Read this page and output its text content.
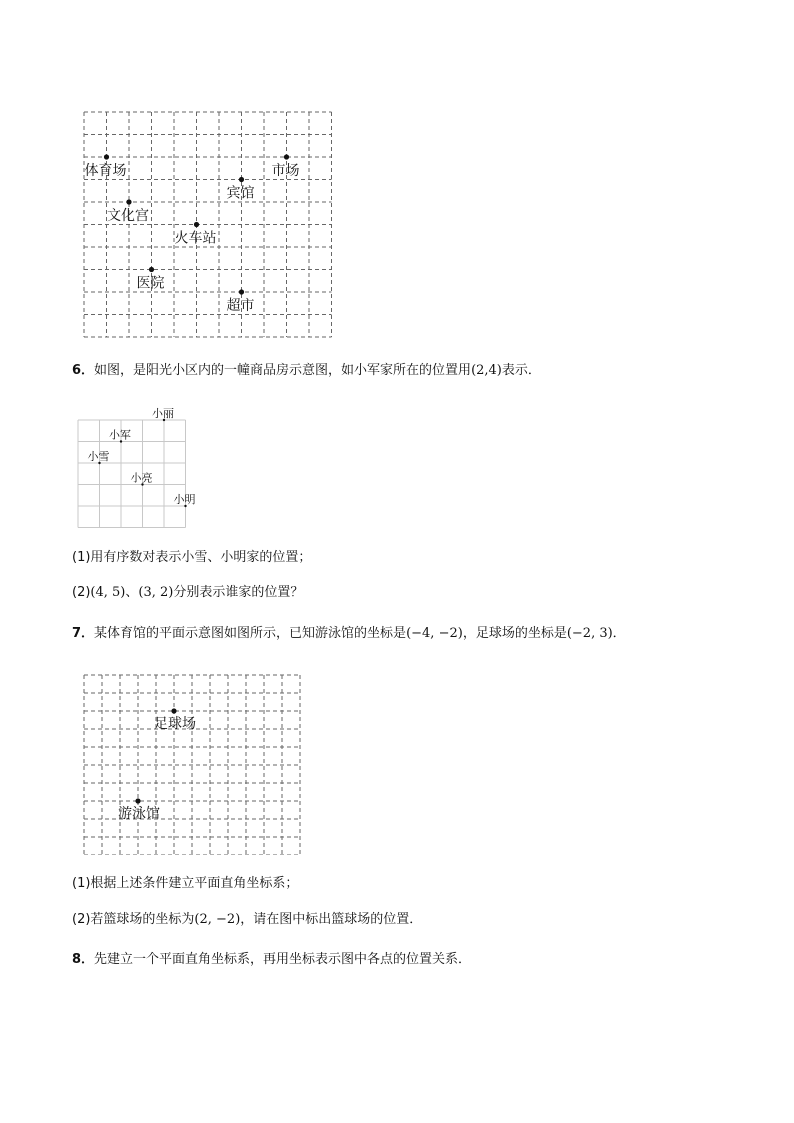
体育场	市场
宾馆
文化宫
火车站
医院
超市
6．如图，是阳光小区内的一幢商品房示意图，如小军家所在的位置用(2,4)表示．
小丽
小军
小雪
小亮
小明
(1)用有序数对表示小雪、小明家的位置；
(2)(4, 5)、(3, 2)分别表示谁家的位置？
7．某体育馆的平面示意图如图所示，已知游泳馆的坐标是(−4, −2)，足球场的坐标是(−2, 3)．
足球场
游泳馆
(1)根据上述条件建立平面直角坐标系；
(2)若篮球场的坐标为(2, −2)，请在图中标出篮球场的位置．
8．先建立一个平面直角坐标系，再用坐标表示图中各点的位置关系．
